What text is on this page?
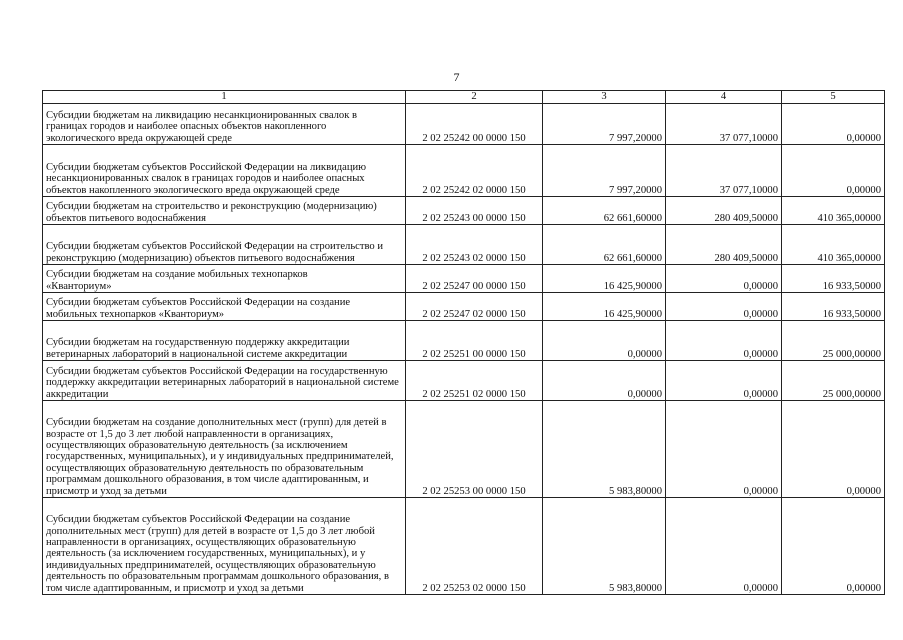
7
1	2	3	4	5
Субсидии бюджетам на ликвидацию несанкционированных свалок в границах городов и наиболее опасных объектов накопленного экологического вреда окружающей среде	2 02 25242 00 0000 150	7 997,20000	37 077,10000	0,00000
Субсидии бюджетам субъектов Российской Федерации на ликвидацию несанкционированных свалок в границах городов и наиболее опасных объектов накопленного экологического вреда окружающей среде	2 02 25242 02 0000 150	7 997,20000	37 077,10000	0,00000
Субсидии бюджетам на строительство и реконструкцию (модернизацию) объектов питьевого водоснабжения	2 02 25243 00 0000 150	62 661,60000	280 409,50000	410 365,00000
Субсидии бюджетам субъектов Российской Федерации на строительство и реконструкцию (модернизацию) объектов питьевого водоснабжения	2 02 25243 02 0000 150	62 661,60000	280 409,50000	410 365,00000
Субсидии бюджетам на создание мобильных технопарков «Кванториум»	2 02 25247 00 0000 150	16 425,90000	0,00000	16 933,50000
Субсидии бюджетам субъектов Российской Федерации на создание мобильных технопарков «Кванториум»	2 02 25247 02 0000 150	16 425,90000	0,00000	16 933,50000
Субсидии бюджетам на государственную поддержку аккредитации ветеринарных лабораторий в национальной системе аккредитации	2 02 25251 00 0000 150	0,00000	0,00000	25 000,00000
Субсидии бюджетам субъектов Российской Федерации на государственную поддержку аккредитации ветеринарных лабораторий в национальной системе аккредитации	2 02 25251 02 0000 150	0,00000	0,00000	25 000,00000
Субсидии бюджетам на создание дополнительных мест (групп) для детей в возрасте от 1,5 до 3 лет любой направленности в организациях, осуществляющих образовательную деятельность (за исключением государственных, муниципальных), и у индивидуальных предпринимателей, осуществляющих образовательную деятельность по образовательным программам дошкольного образования, в том числе адаптированным, и присмотр и уход за детьми	2 02 25253 00 0000 150	5 983,80000	0,00000	0,00000
Субсидии бюджетам субъектов Российской Федерации на создание дополнительных мест (групп) для детей в возрасте от 1,5 до 3 лет любой направленности в организациях, осуществляющих образовательную деятельность (за исключением государственных, муниципальных), и у индивидуальных предпринимателей, осуществляющих образовательную деятельность по образовательным программам дошкольного образования, в том числе адаптированным, и присмотр и уход за детьми	2 02 25253 02 0000 150	5 983,80000	0,00000	0,00000
